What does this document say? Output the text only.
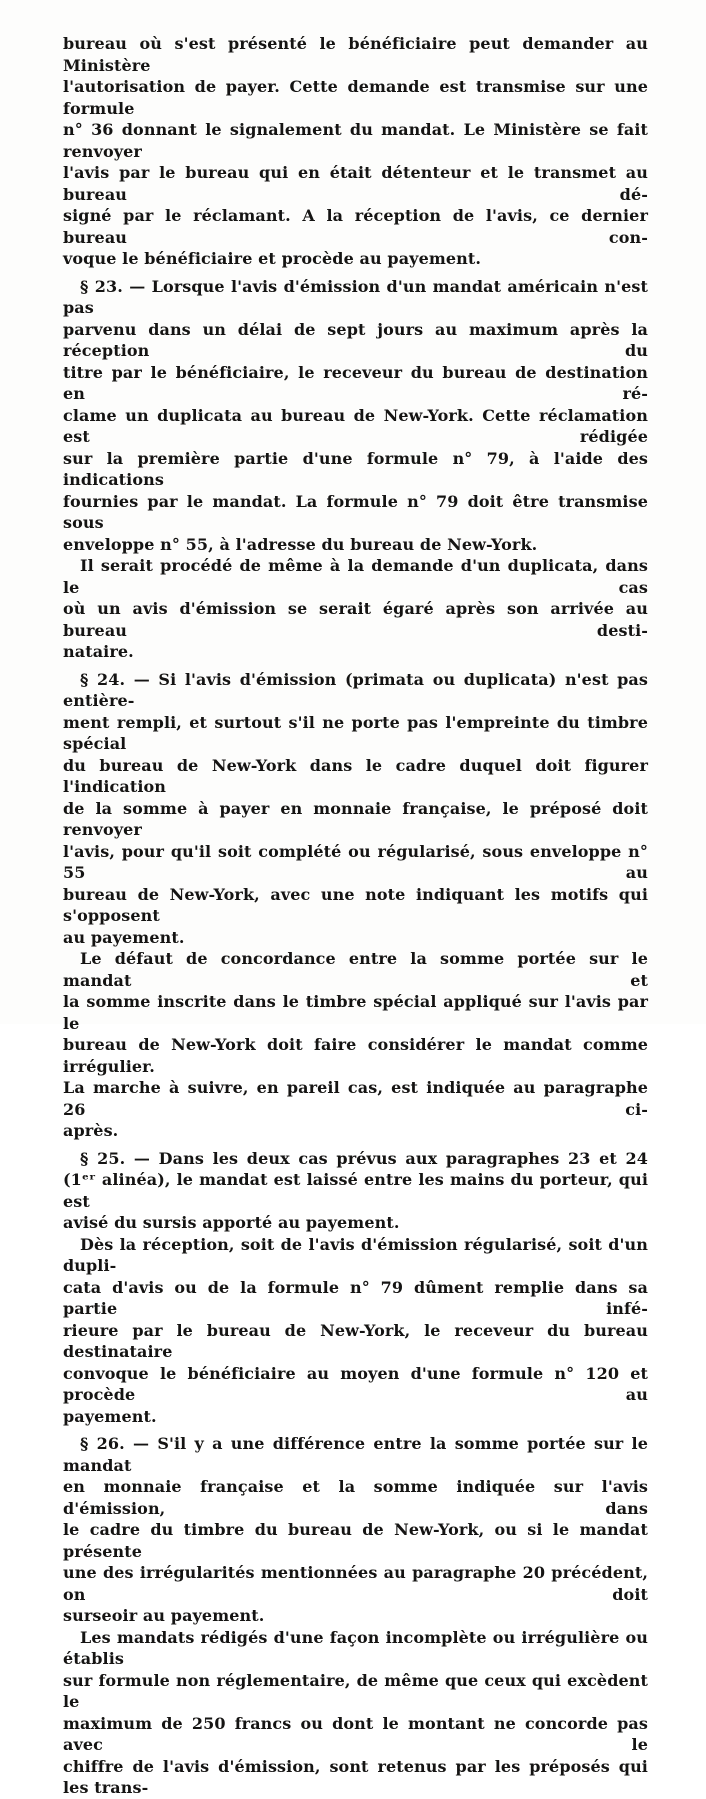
bureau où s'est présenté le bénéficiaire peut demander au Ministère
l'autorisation de payer. Cette demande est transmise sur une formule
n° 36 donnant le signalement du mandat. Le Ministère se fait renvoyer
l'avis par le bureau qui en était détenteur et le transmet au bureau dé-
signé par le réclamant. A la réception de l'avis, ce dernier bureau con-
voque le bénéficiaire et procède au payement.
§ 23. — Lorsque l'avis d'émission d'un mandat américain n'est pas
parvenu dans un délai de sept jours au maximum après la réception du
titre par le bénéficiaire, le receveur du bureau de destination en ré-
clame un duplicata au bureau de New-York. Cette réclamation est rédigée
sur la première partie d'une formule n° 79, à l'aide des indications
fournies par le mandat. La formule n° 79 doit être transmise sous
enveloppe n° 55, à l'adresse du bureau de New-York.
Il serait procédé de même à la demande d'un duplicata, dans le cas
où un avis d'émission se serait égaré après son arrivée au bureau desti-
nataire.
§ 24. — Si l'avis d'émission (primata ou duplicata) n'est pas entière-
ment rempli, et surtout s'il ne porte pas l'empreinte du timbre spécial
du bureau de New-York dans le cadre duquel doit figurer l'indication
de la somme à payer en monnaie française, le préposé doit renvoyer
l'avis, pour qu'il soit complété ou régularisé, sous enveloppe n° 55 au
bureau de New-York, avec une note indiquant les motifs qui s'opposent
au payement.
Le défaut de concordance entre la somme portée sur le mandat et
la somme inscrite dans le timbre spécial appliqué sur l'avis par le
bureau de New-York doit faire considérer le mandat comme irrégulier.
La marche à suivre, en pareil cas, est indiquée au paragraphe 26 ci-
après.
§ 25. — Dans les deux cas prévus aux paragraphes 23 et 24
(1ᵉʳ alinéa), le mandat est laissé entre les mains du porteur, qui est
avisé du sursis apporté au payement.
Dès la réception, soit de l'avis d'émission régularisé, soit d'un dupli-
cata d'avis ou de la formule n° 79 dûment remplie dans sa partie infé-
rieure par le bureau de New-York, le receveur du bureau destinataire
convoque le bénéficiaire au moyen d'une formule n° 120 et procède au
payement.
§ 26. — S'il y a une différence entre la somme portée sur le mandat
en monnaie française et la somme indiquée sur l'avis d'émission, dans
le cadre du timbre du bureau de New-York, ou si le mandat présente
une des irrégularités mentionnées au paragraphe 20 précédent, on doit
surseoir au payement.
Les mandats rédigés d'une façon incomplète ou irrégulière ou établis
sur formule non réglementaire, de même que ceux qui excèdent le
maximum de 250 francs ou dont le montant ne concorde pas avec le
chiffre de l'avis d'émission, sont retenus par les préposés qui les trans-
